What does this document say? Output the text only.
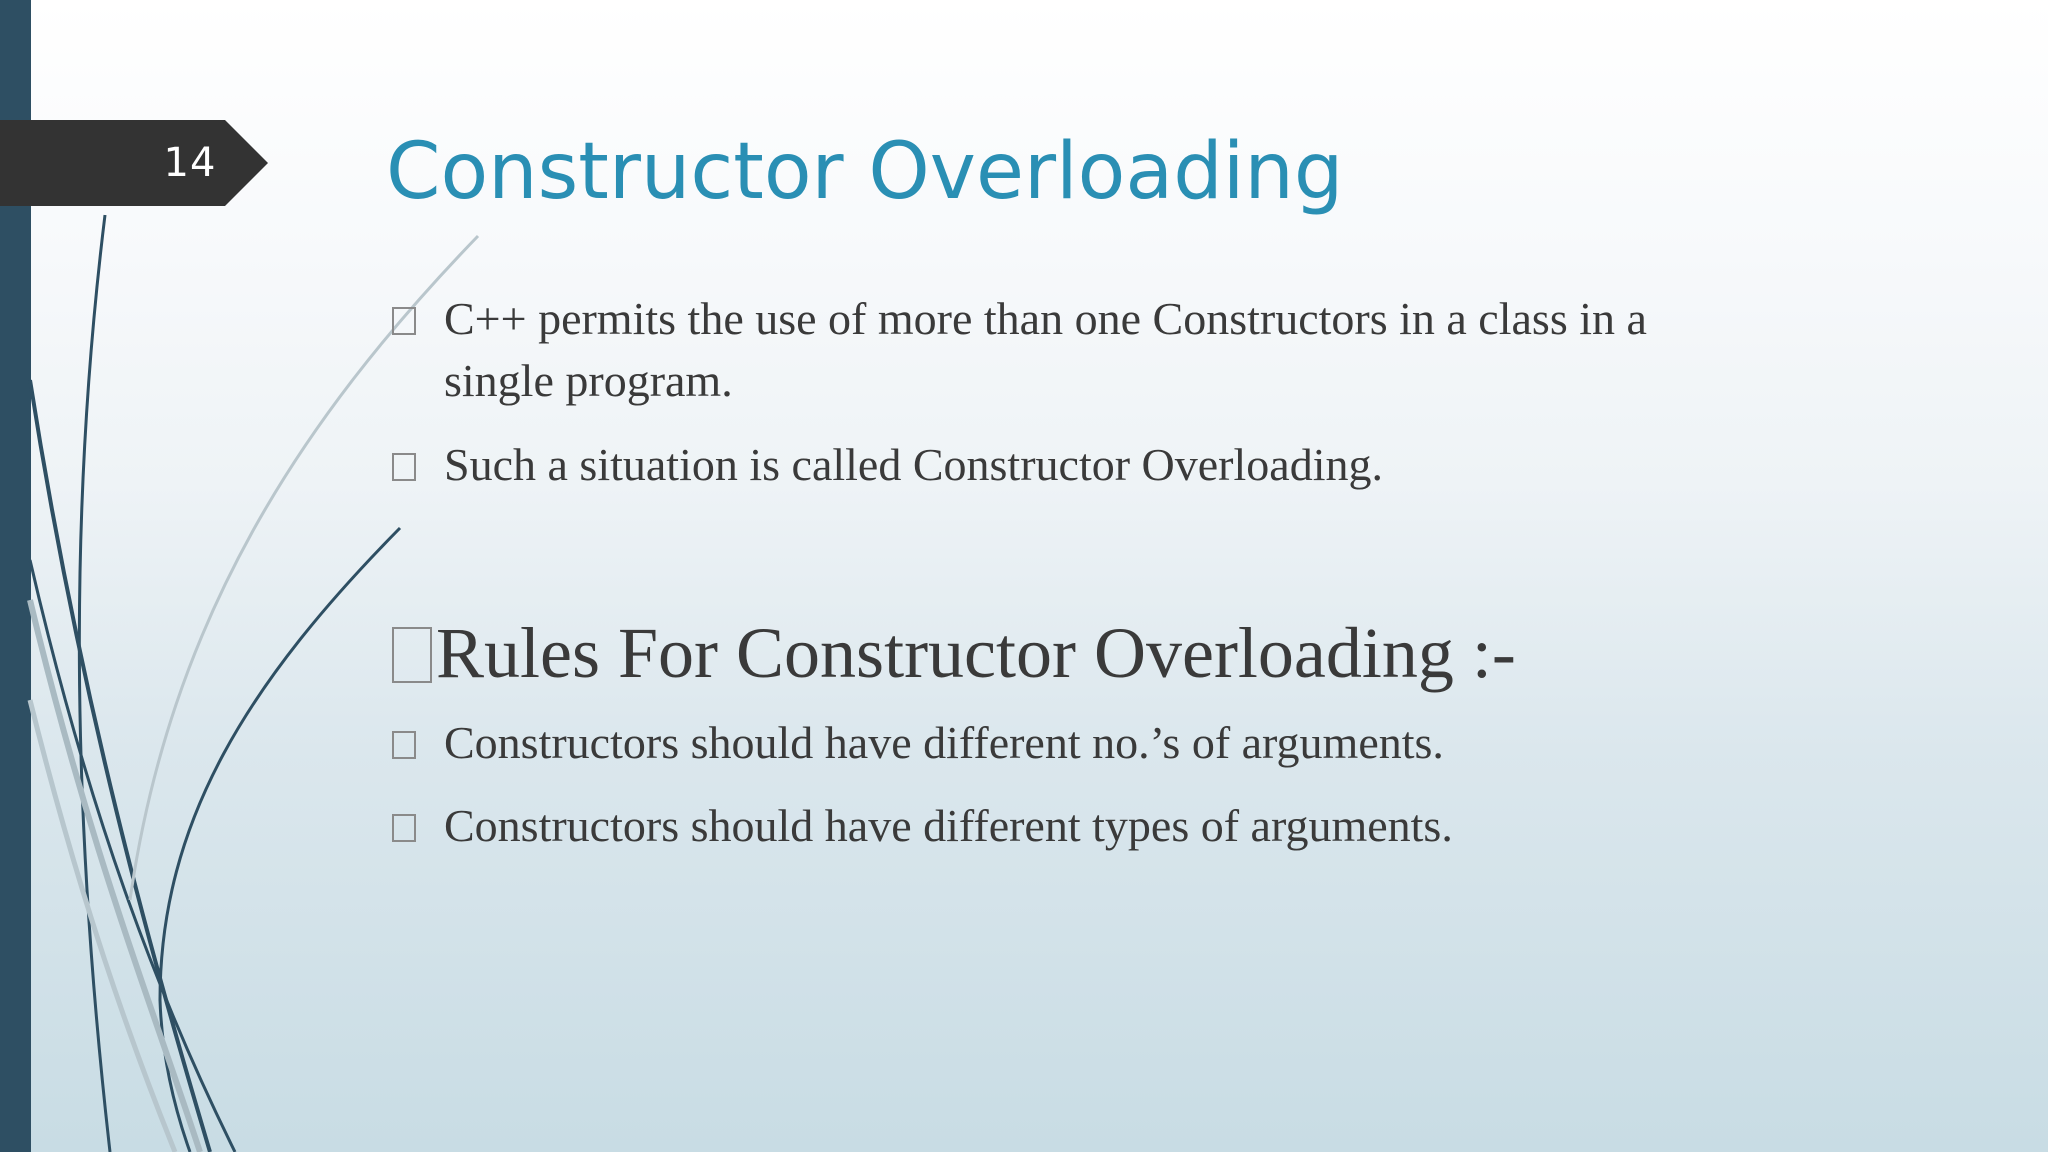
14 Constructor Overloading
C++ permits the use of more than one Constructors in a class in a
single program.
Such a situation is called Constructor Overloading.
Rules For Constructor Overloading :-
Constructors should have different no.’s of arguments.
Constructors should have different types of arguments.
